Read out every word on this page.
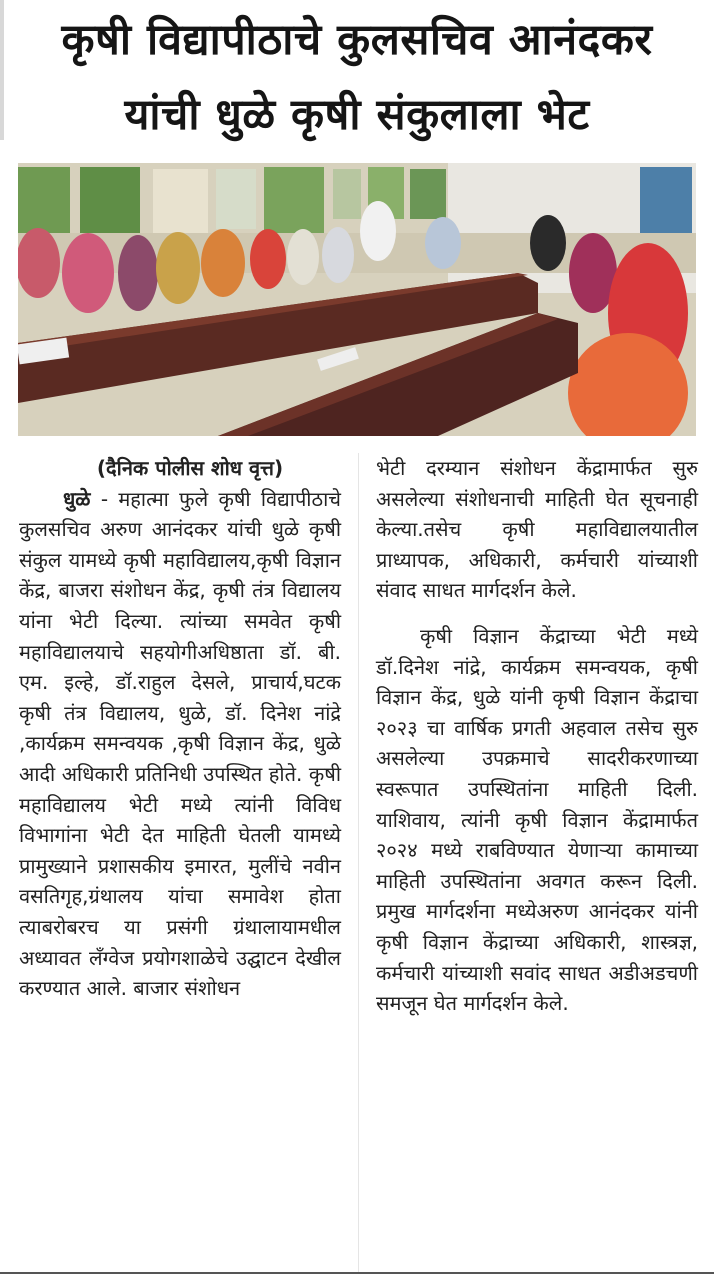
कृषी विद्यापीठाचे कुलसचिव आनंदकर
यांची धुळे कृषी संकुलाला भेट

(दैनिक पोलीस शोध वृत्त)

धुळे - महात्मा फुले कृषी विद्यापीठाचे कुलसचिव अरुण आनंदकर यांची धुळे कृषी संकुल यामध्ये कृषी महाविद्यालय,कृषी विज्ञान केंद्र, बाजरा संशोधन केंद्र, कृषी तंत्र विद्यालय यांना भेटी दिल्या. त्यांच्या समवेत कृषी महाविद्यालयाचे सहयोगीअधिष्ठाता डॉ. बी. एम. इल्हे, डॉ.राहुल देसले, प्राचार्य,घटक कृषी तंत्र विद्यालय, धुळे, डॉ. दिनेश नांद्रे ,कार्यक्रम समन्वयक ,कृषी विज्ञान केंद्र, धुळे आदी अधिकारी प्रतिनिधी उपस्थित होते. कृषी महाविद्यालय भेटी मध्ये त्यांनी विविध विभागांना भेटी देत माहिती घेतली यामध्ये प्रामुख्याने प्रशासकीय इमारत, मुलींचे नवीन वसतिगृह,ग्रंथालय यांचा समावेश होता त्याबरोबरच या प्रसंगी ग्रंथालायामधील अध्यावत लँग्वेज प्रयोगशाळेचे उद्घाटन देखील करण्यात आले. बाजार संशोधन

भेटी दरम्यान संशोधन केंद्रामार्फत सुरु असलेल्या संशोधनाची माहिती घेत सूचनाही केल्या.तसेच कृषी महाविद्यालयातील प्राध्यापक, अधिकारी, कर्मचारी यांच्याशी संवाद साधत मार्गदर्शन केले.

कृषी विज्ञान केंद्राच्या भेटी मध्ये डॉ.दिनेश नांद्रे, कार्यक्रम समन्वयक, कृषी विज्ञान केंद्र, धुळे यांनी कृषी विज्ञान केंद्राचा २०२३ चा वार्षिक प्रगती अहवाल तसेच सुरु असलेल्या उपक्रमाचे सादरीकरणाच्या स्वरूपात उपस्थितांना माहिती दिली. याशिवाय, त्यांनी कृषी विज्ञान केंद्रामार्फत २०२४ मध्ये राबविण्यात येणाऱ्या कामाच्या माहिती उपस्थितांना अवगत करून दिली. प्रमुख मार्गदर्शना मध्येअरुण आनंदकर यांनी कृषी विज्ञान केंद्राच्या अधिकारी, शास्त्रज्ञ, कर्मचारी यांच्याशी सवांद साधत अडीअडचणी समजून घेत मार्गदर्शन केले.
